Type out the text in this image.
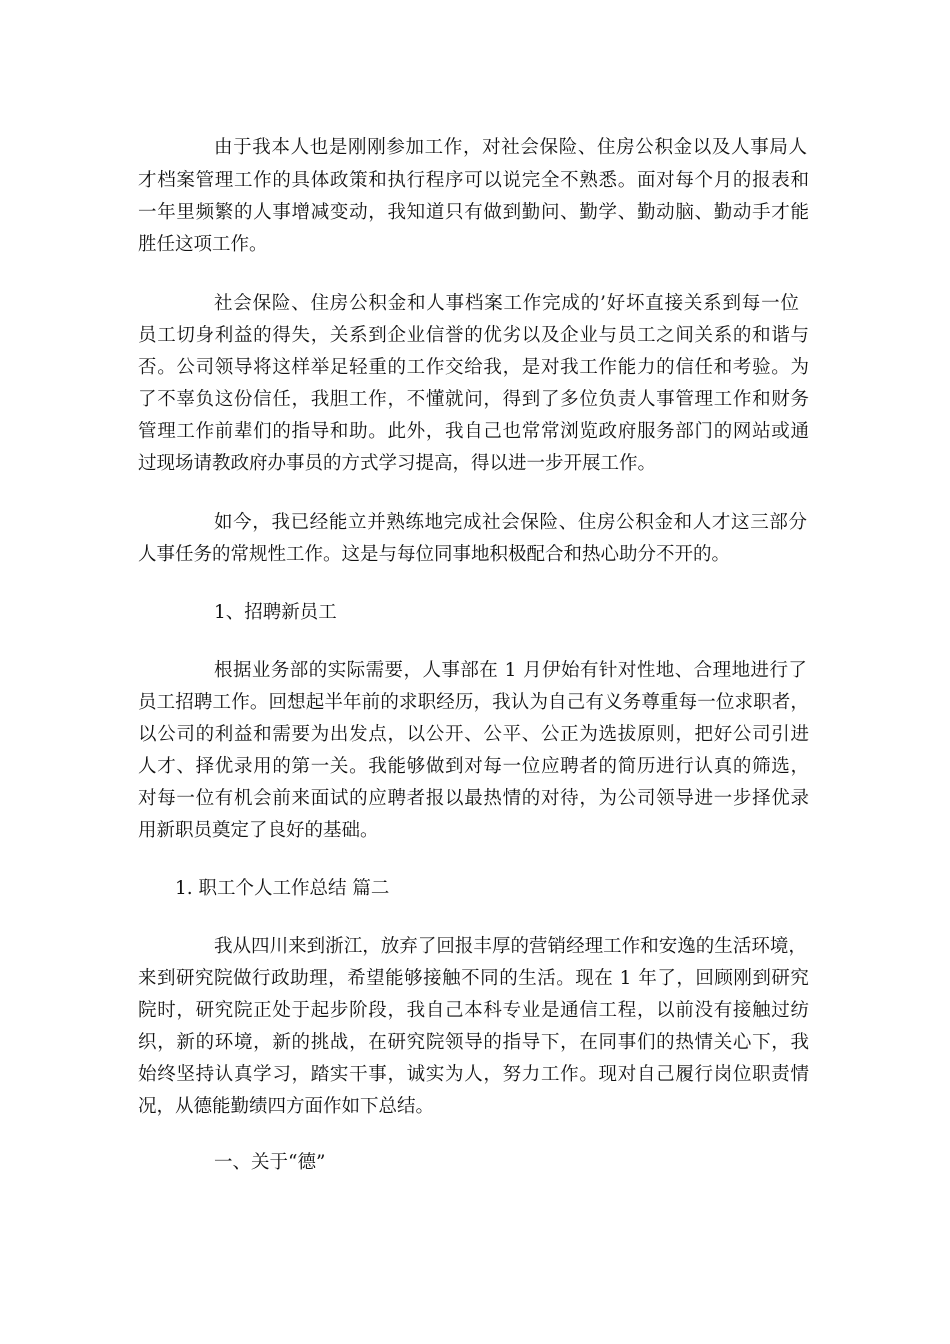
由于我本人也是刚刚参加工作，对社会保险、住房公积金以及人事局人
才档案管理工作的具体政策和执行程序可以说完全不熟悉。面对每个月的报表和
一年里频繁的人事增减变动，我知道只有做到勤问、勤学、勤动脑、勤动手才能
胜任这项工作。
社会保险、住房公积金和人事档案工作完成的’好坏直接关系到每一位
员工切身利益的得失，关系到企业信誉的优劣以及企业与员工之间关系的和谐与
否。公司领导将这样举足轻重的工作交给我，是对我工作能力的信任和考验。为
了不辜负这份信任，我胆工作，不懂就问，得到了多位负责人事管理工作和财务
管理工作前辈们的指导和助。此外，我自己也常常浏览政府服务部门的网站或通
过现场请教政府办事员的方式学习提高，得以进一步开展工作。
如今，我已经能立并熟练地完成社会保险、住房公积金和人才这三部分
人事任务的常规性工作。这是与每位同事地积极配合和热心助分不开的。
1、招聘新员工
根据业务部的实际需要，人事部在 1 月伊始有针对性地、合理地进行了
员工招聘工作。回想起半年前的求职经历，我认为自己有义务尊重每一位求职者，
以公司的利益和需要为出发点，以公开、公平、公正为选拔原则，把好公司引进
人才、择优录用的第一关。我能够做到对每一位应聘者的简历进行认真的筛选，
对每一位有机会前来面试的应聘者报以最热情的对待，为公司领导进一步择优录
用新职员奠定了良好的基础。
1. 职工个人工作总结 篇二
我从四川来到浙江，放弃了回报丰厚的营销经理工作和安逸的生活环境，
来到研究院做行政助理，希望能够接触不同的生活。现在 1 年了，回顾刚到研究
院时，研究院正处于起步阶段，我自己本科专业是通信工程，以前没有接触过纺
织，新的环境，新的挑战，在研究院领导的指导下，在同事们的热情关心下，我
始终坚持认真学习，踏实干事，诚实为人，努力工作。现对自己履行岗位职责情
况，从德能勤绩四方面作如下总结。
一、关于“德”
